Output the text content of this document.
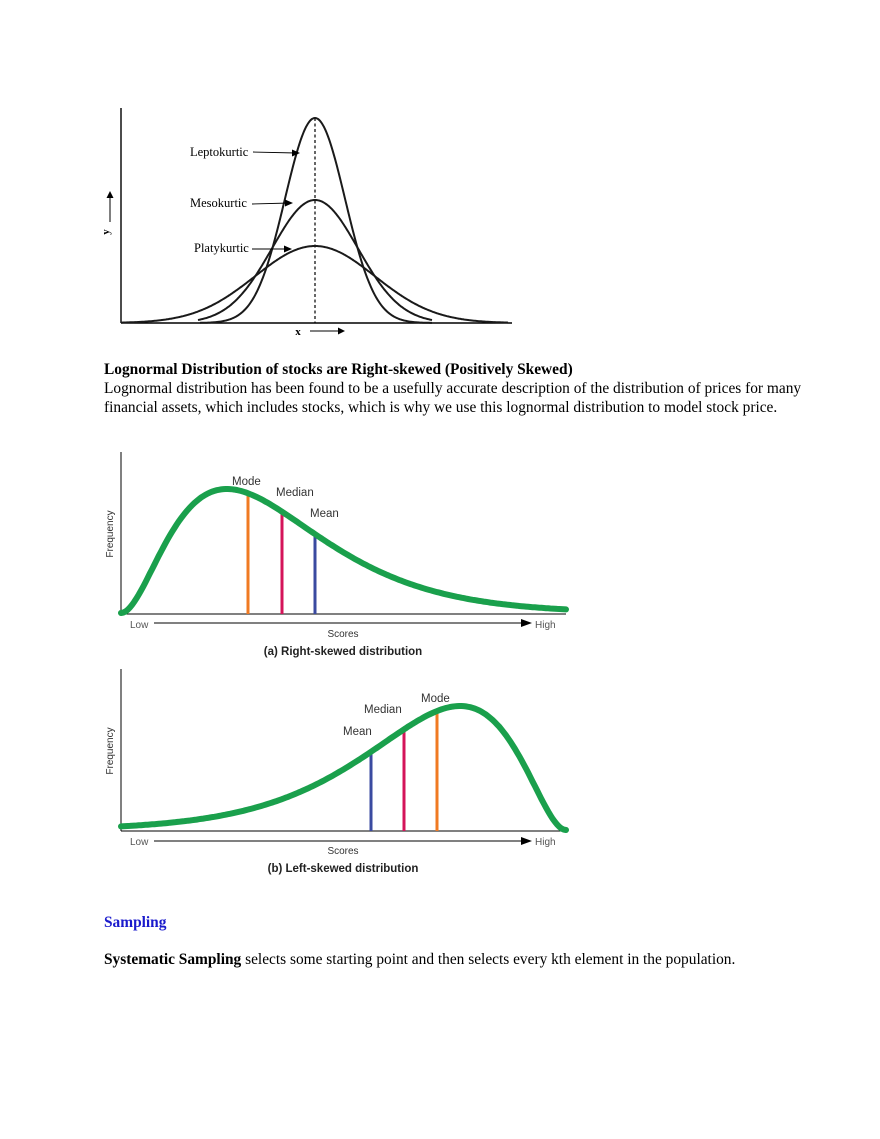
Leptokurtic
Mesokurtic
Platykurtic
y
x

Lognormal Distribution of stocks are Right-skewed (Positively Skewed)

Lognormal distribution has been found to be a usefully accurate description of the distribution of prices for many financial assets, which includes stocks, which is why we use this lognormal distribution to model stock price.

Mode
Median
Mean
Frequency
Low	High
Scores
(a) Right-skewed distribution
Mode
Median
Mean
Frequency
Low	High
Scores
(b) Left-skewed distribution

Sampling

Systematic Sampling selects some starting point and then selects every kth element in the population.
